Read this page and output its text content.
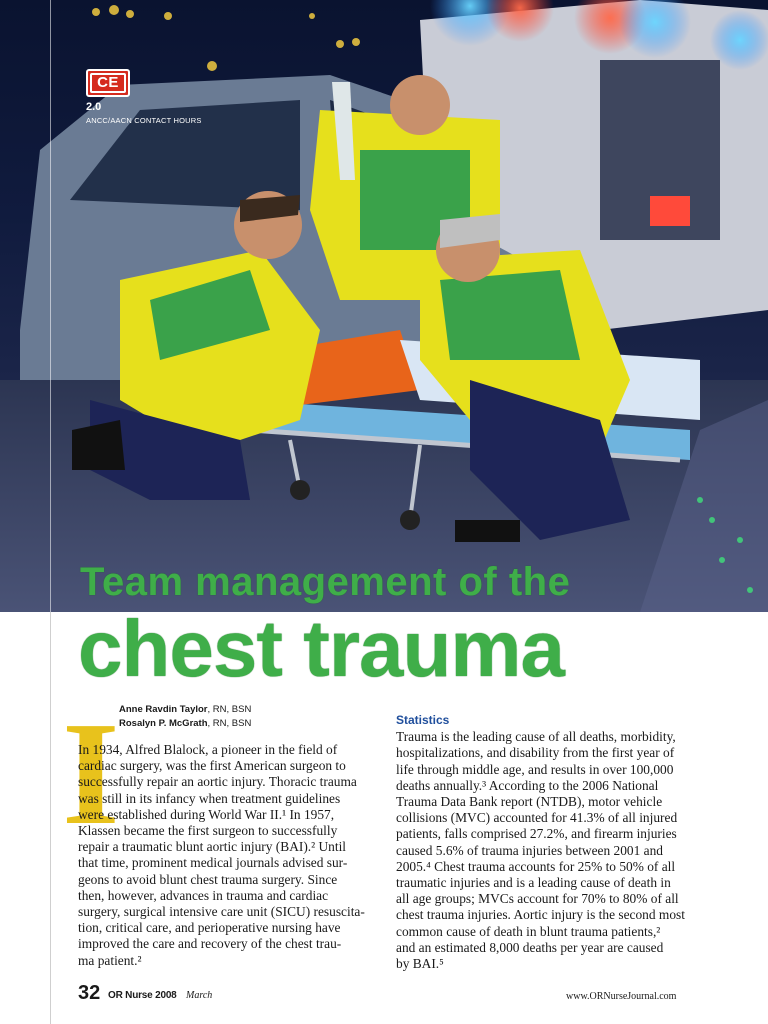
CE
2.0
ANCC/AACN CONTACT HOURS
Team management of the
chest trauma
I Anne Ravdin Taylor, RN, BSN
Rosalyn P. McGrath, RN, BSN
In 1934, Alfred Blalock, a pioneer in the field of
cardiac surgery, was the first American surgeon to
successfully repair an aortic injury. Thoracic trauma
was still in its infancy when treatment guidelines
were established during World War II.¹ In 1957,
Klassen became the first surgeon to successfully
repair a traumatic blunt aortic injury (BAI).² Until
that time, prominent medical journals advised sur-
geons to avoid blunt chest trauma surgery. Since
then, however, advances in trauma and cardiac
surgery, surgical intensive care unit (SICU) resuscita-
tion, critical care, and perioperative nursing have
improved the care and recovery of the chest trau-
ma patient.²
Statistics
Trauma is the leading cause of all deaths, morbidity,
hospitalizations, and disability from the first year of
life through middle age, and results in over 100,000
deaths annually.³ According to the 2006 National
Trauma Data Bank report (NTDB), motor vehicle
collisions (MVC) accounted for 41.3% of all injured
patients, falls comprised 27.2%, and firearm injuries
caused 5.6% of trauma injuries between 2001 and
2005.⁴ Chest trauma accounts for 25% to 50% of all
traumatic injuries and is a leading cause of death in
all age groups; MVCs account for 70% to 80% of all
chest trauma injuries. Aortic injury is the second most
common cause of death in blunt trauma patients,²
and an estimated 8,000 deaths per year are caused
by BAI.⁵
32 OR Nurse 2008 March	www.ORNurseJournal.com
